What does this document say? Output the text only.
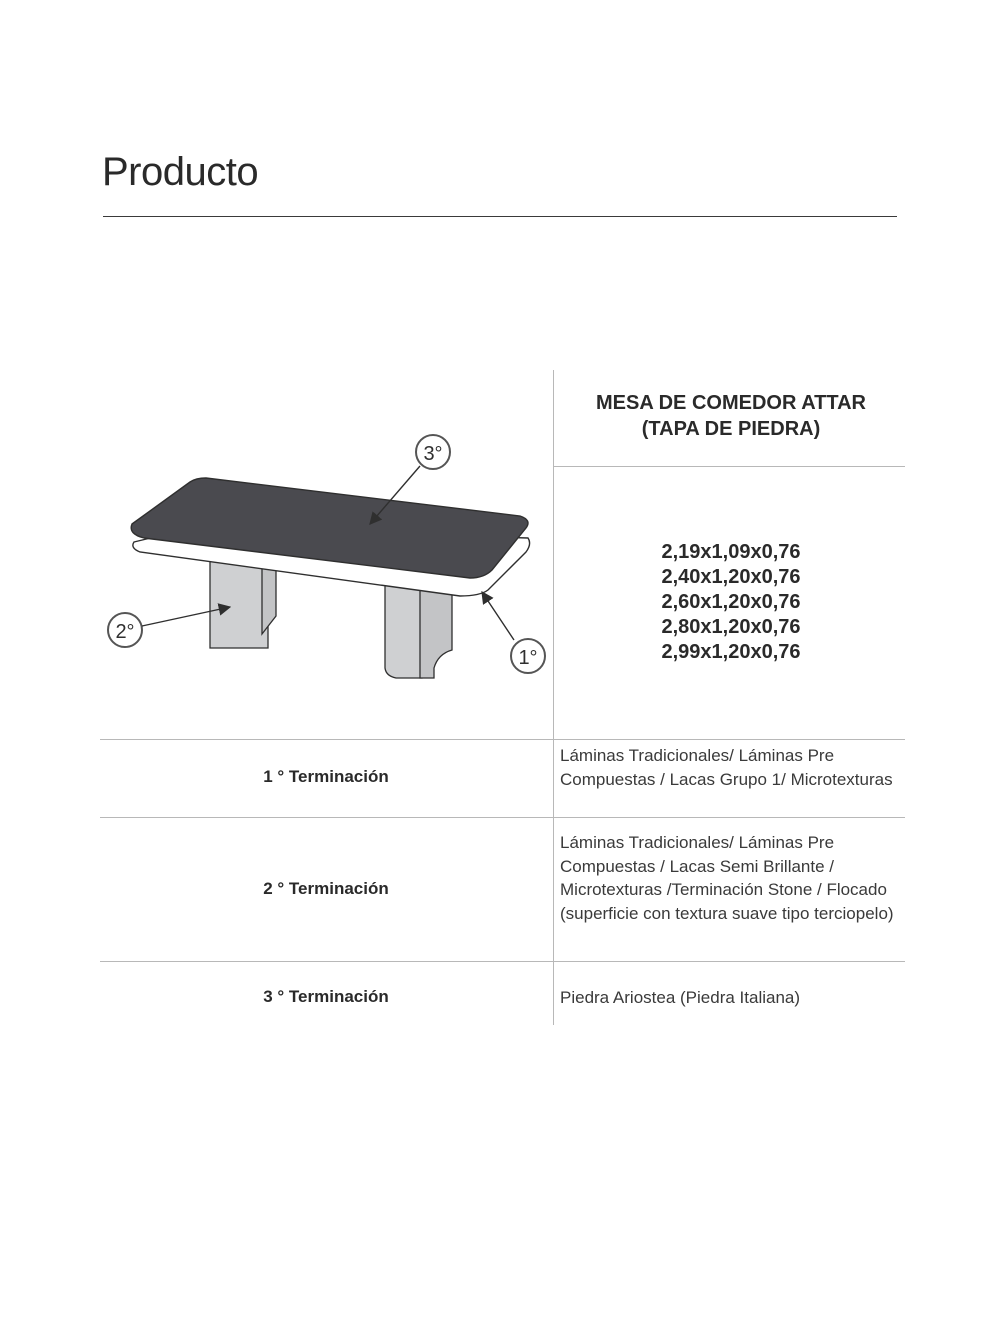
Producto
MESA DE COMEDOR ATTAR
(TAPA DE PIEDRA)
2,19x1,09x0,76
2,40x1,20x0,76
2,60x1,20x0,76
2,80x1,20x0,76
2,99x1,20x0,76
3°
2°
1°
1 ° Terminación
Láminas Tradicionales/ Láminas Pre Compuestas / Lacas Grupo 1/ Microtexturas
2 ° Terminación
Láminas Tradicionales/ Láminas Pre Compuestas / Lacas Semi Brillante / Microtexturas /Terminación Stone / Flocado (superficie con textura suave tipo terciopelo)
3 ° Terminación	Piedra Ariostea (Piedra Italiana)
